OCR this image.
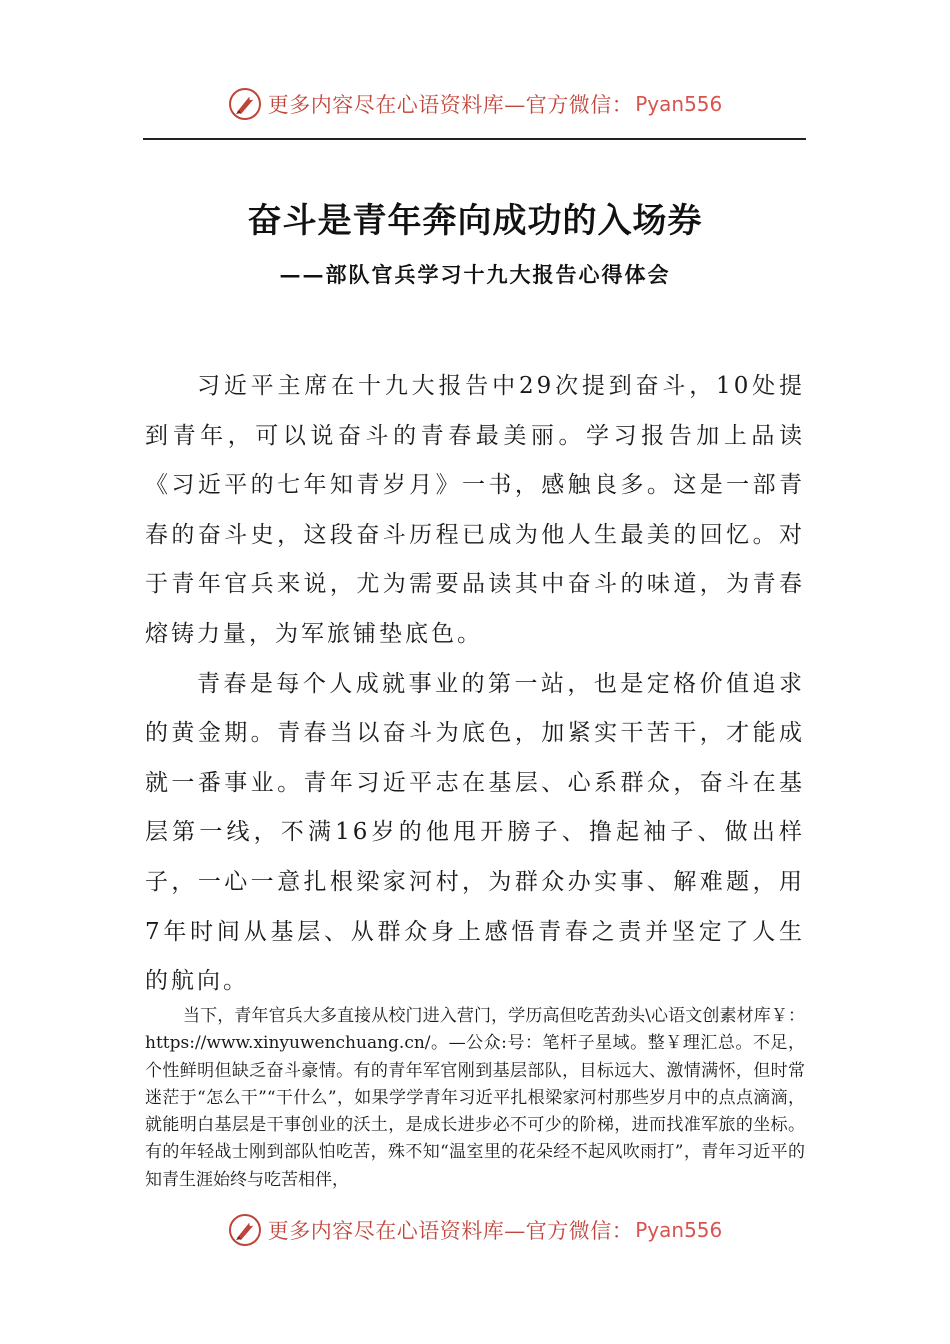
更多内容尽在心语资料库—官方微信： Pyan556
奋斗是青年奔向成功的入场券
——部队官兵学习十九大报告心得体会

习近平主席在十九大报告中29次提到奋斗，10处提到青年，可以说奋斗的青春最美丽。学习报告加上品读《习近平的七年知青岁月》一书，感触良多。这是一部青春的奋斗史，这段奋斗历程已成为他人生最美的回忆。对于青年官兵来说，尤为需要品读其中奋斗的味道，为青春熔铸力量，为军旅铺垫底色。

青春是每个人成就事业的第一站，也是定格价值追求的黄金期。青春当以奋斗为底色，加紧实干苦干，才能成就一番事业。青年习近平志在基层、心系群众，奋斗在基层第一线，不满16岁的他甩开膀子、撸起袖子、做出样子，一心一意扎根梁家河村，为群众办实事、解难题，用7年时间从基层、从群众身上感悟青春之责并坚定了人生的航向。

当下，青年官兵大多直接从校门进入营门，学历高但吃苦劲头\心语文创素材库￥：https://www.xinyuwenchuang.cn/。—公众:号：笔杆子星域。整￥理汇总。不足，个性鲜明但缺乏奋斗豪情。有的青年军官刚到基层部队，目标远大、激情满怀，但时常迷茫于“怎么干”“干什么”，如果学学青年习近平扎根梁家河村那些岁月中的点点滴滴，就能明白基层是干事创业的沃土，是成长进步必不可少的阶梯，进而找准军旅的坐标。有的年轻战士刚到部队怕吃苦，殊不知“温室里的花朵经不起风吹雨打”，青年习近平的知青生涯始终与吃苦相伴，

更多内容尽在心语资料库—官方微信： Pyan556
